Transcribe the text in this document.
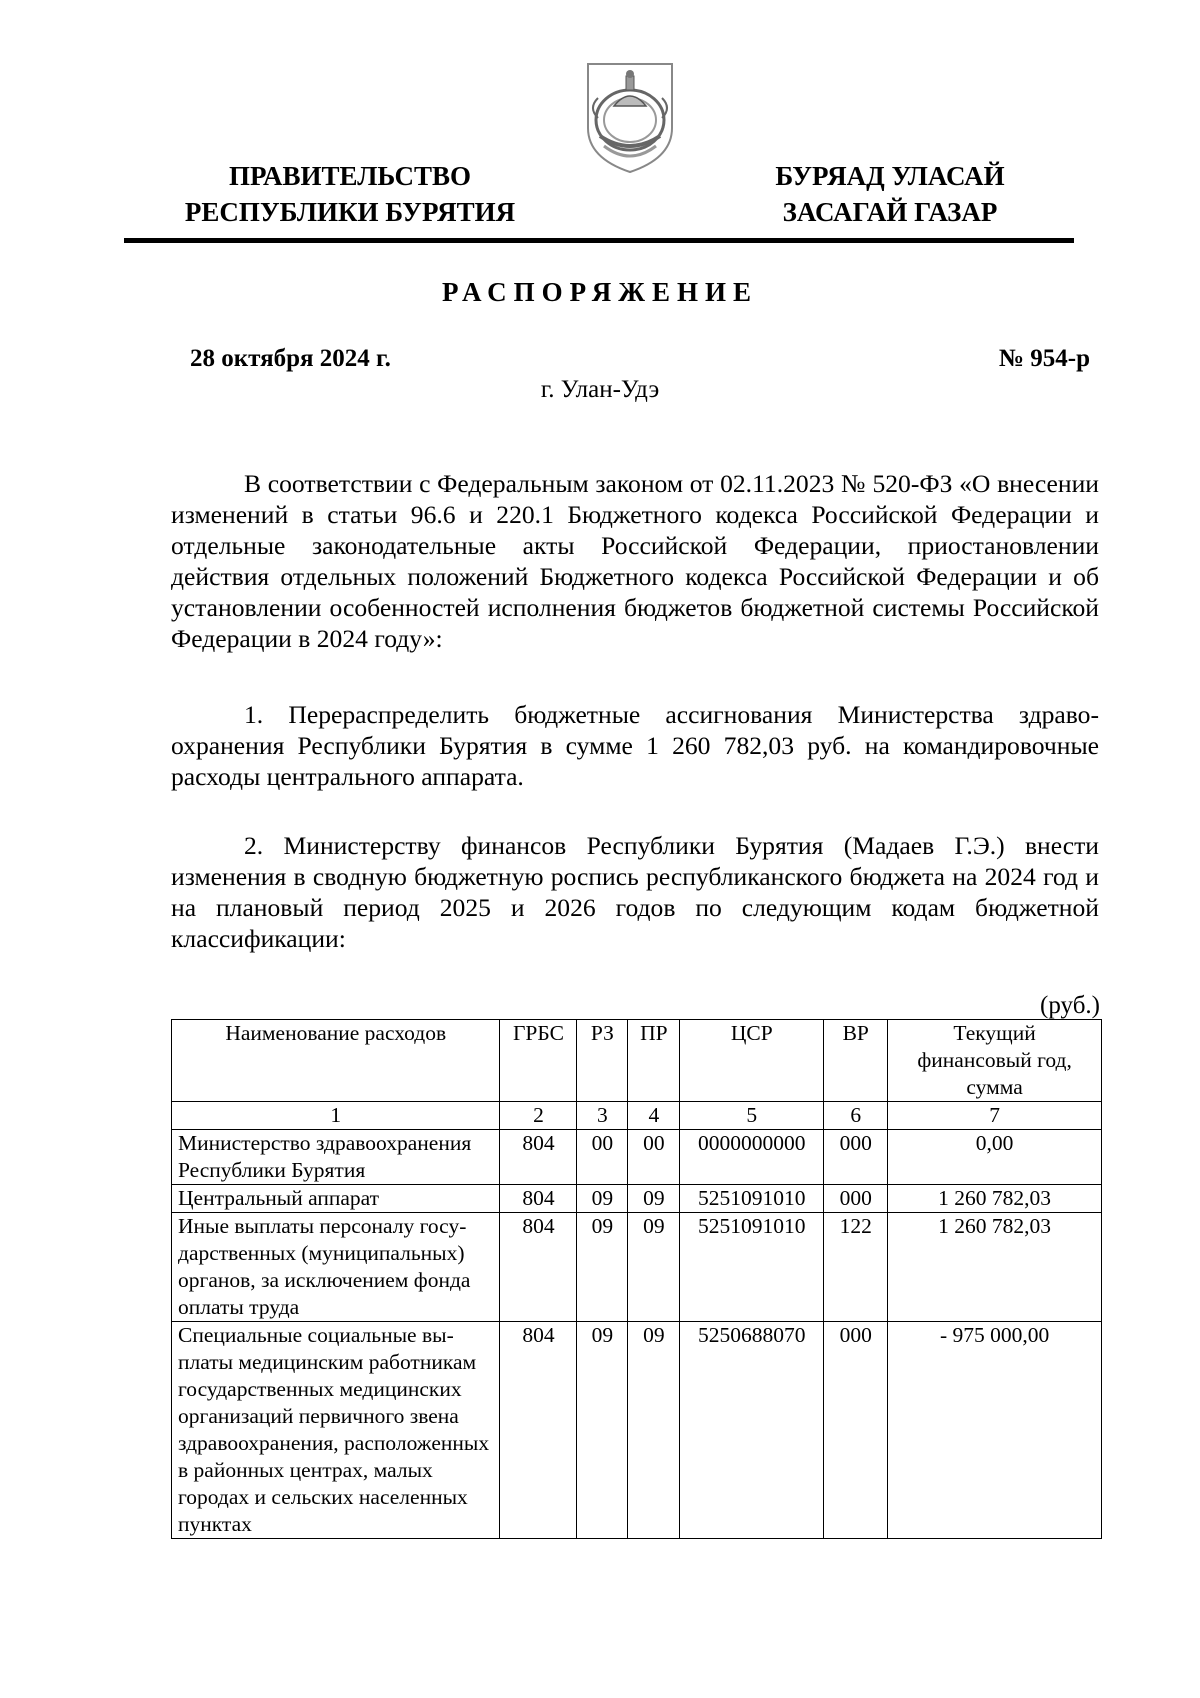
ПРАВИТЕЛЬСТВО
РЕСПУБЛИКИ БУРЯТИЯ
БУРЯАД УЛАСАЙ
ЗАСАГАЙ ГАЗАР
РАСПОРЯЖЕНИЕ
28 октября 2024 г.	№ 954-р
г. Улан-Удэ

В соответствии с Федеральным законом от 02.11.2023 № 520-ФЗ «О внесении изменений в статьи 96.6 и 220.1 Бюджетного кодекса Российской Федерации и отдельные законодательные акты Российской Федерации, приостановлении действия отдельных положений Бюджетного кодекса Российской Федерации и об установлении особенностей исполнения бюджетов бюджетной системы Российской Федерации в 2024 году»:

1. Перераспределить бюджетные ассигнования Министерства здравоохранения Республики Бурятия в сумме 1 260 782,03 руб. на командировочные расходы центрального аппарата.

2. Министерству финансов Республики Бурятия (Мадаев Г.Э.) внести изменения в сводную бюджетную роспись республиканского бюджета на 2024 год и на плановый период 2025 и 2026 годов по следующим кодам бюджетной классификации:

(руб.)
Наименование расходов	ГРБС	РЗ	ПР	ЦСР	ВР	Текущий финансовый год, сумма
1	2	3	4	5	6	7
Министерство здравоохранения Республики Бурятия	804	00	00	0000000000	000	0,00
Центральный аппарат	804	09	09	5251091010	000	1 260 782,03
Иные выплаты персоналу государственных (муниципальных) органов, за исключением фонда оплаты труда	804	09	09	5251091010	122	1 260 782,03
Специальные социальные выплаты медицинским работникам государственных медицинских организаций первичного звена здравоохранения, расположенных в районных центрах, малых городах и сельских населенных пунктах	804	09	09	5250688070	000	- 975 000,00
